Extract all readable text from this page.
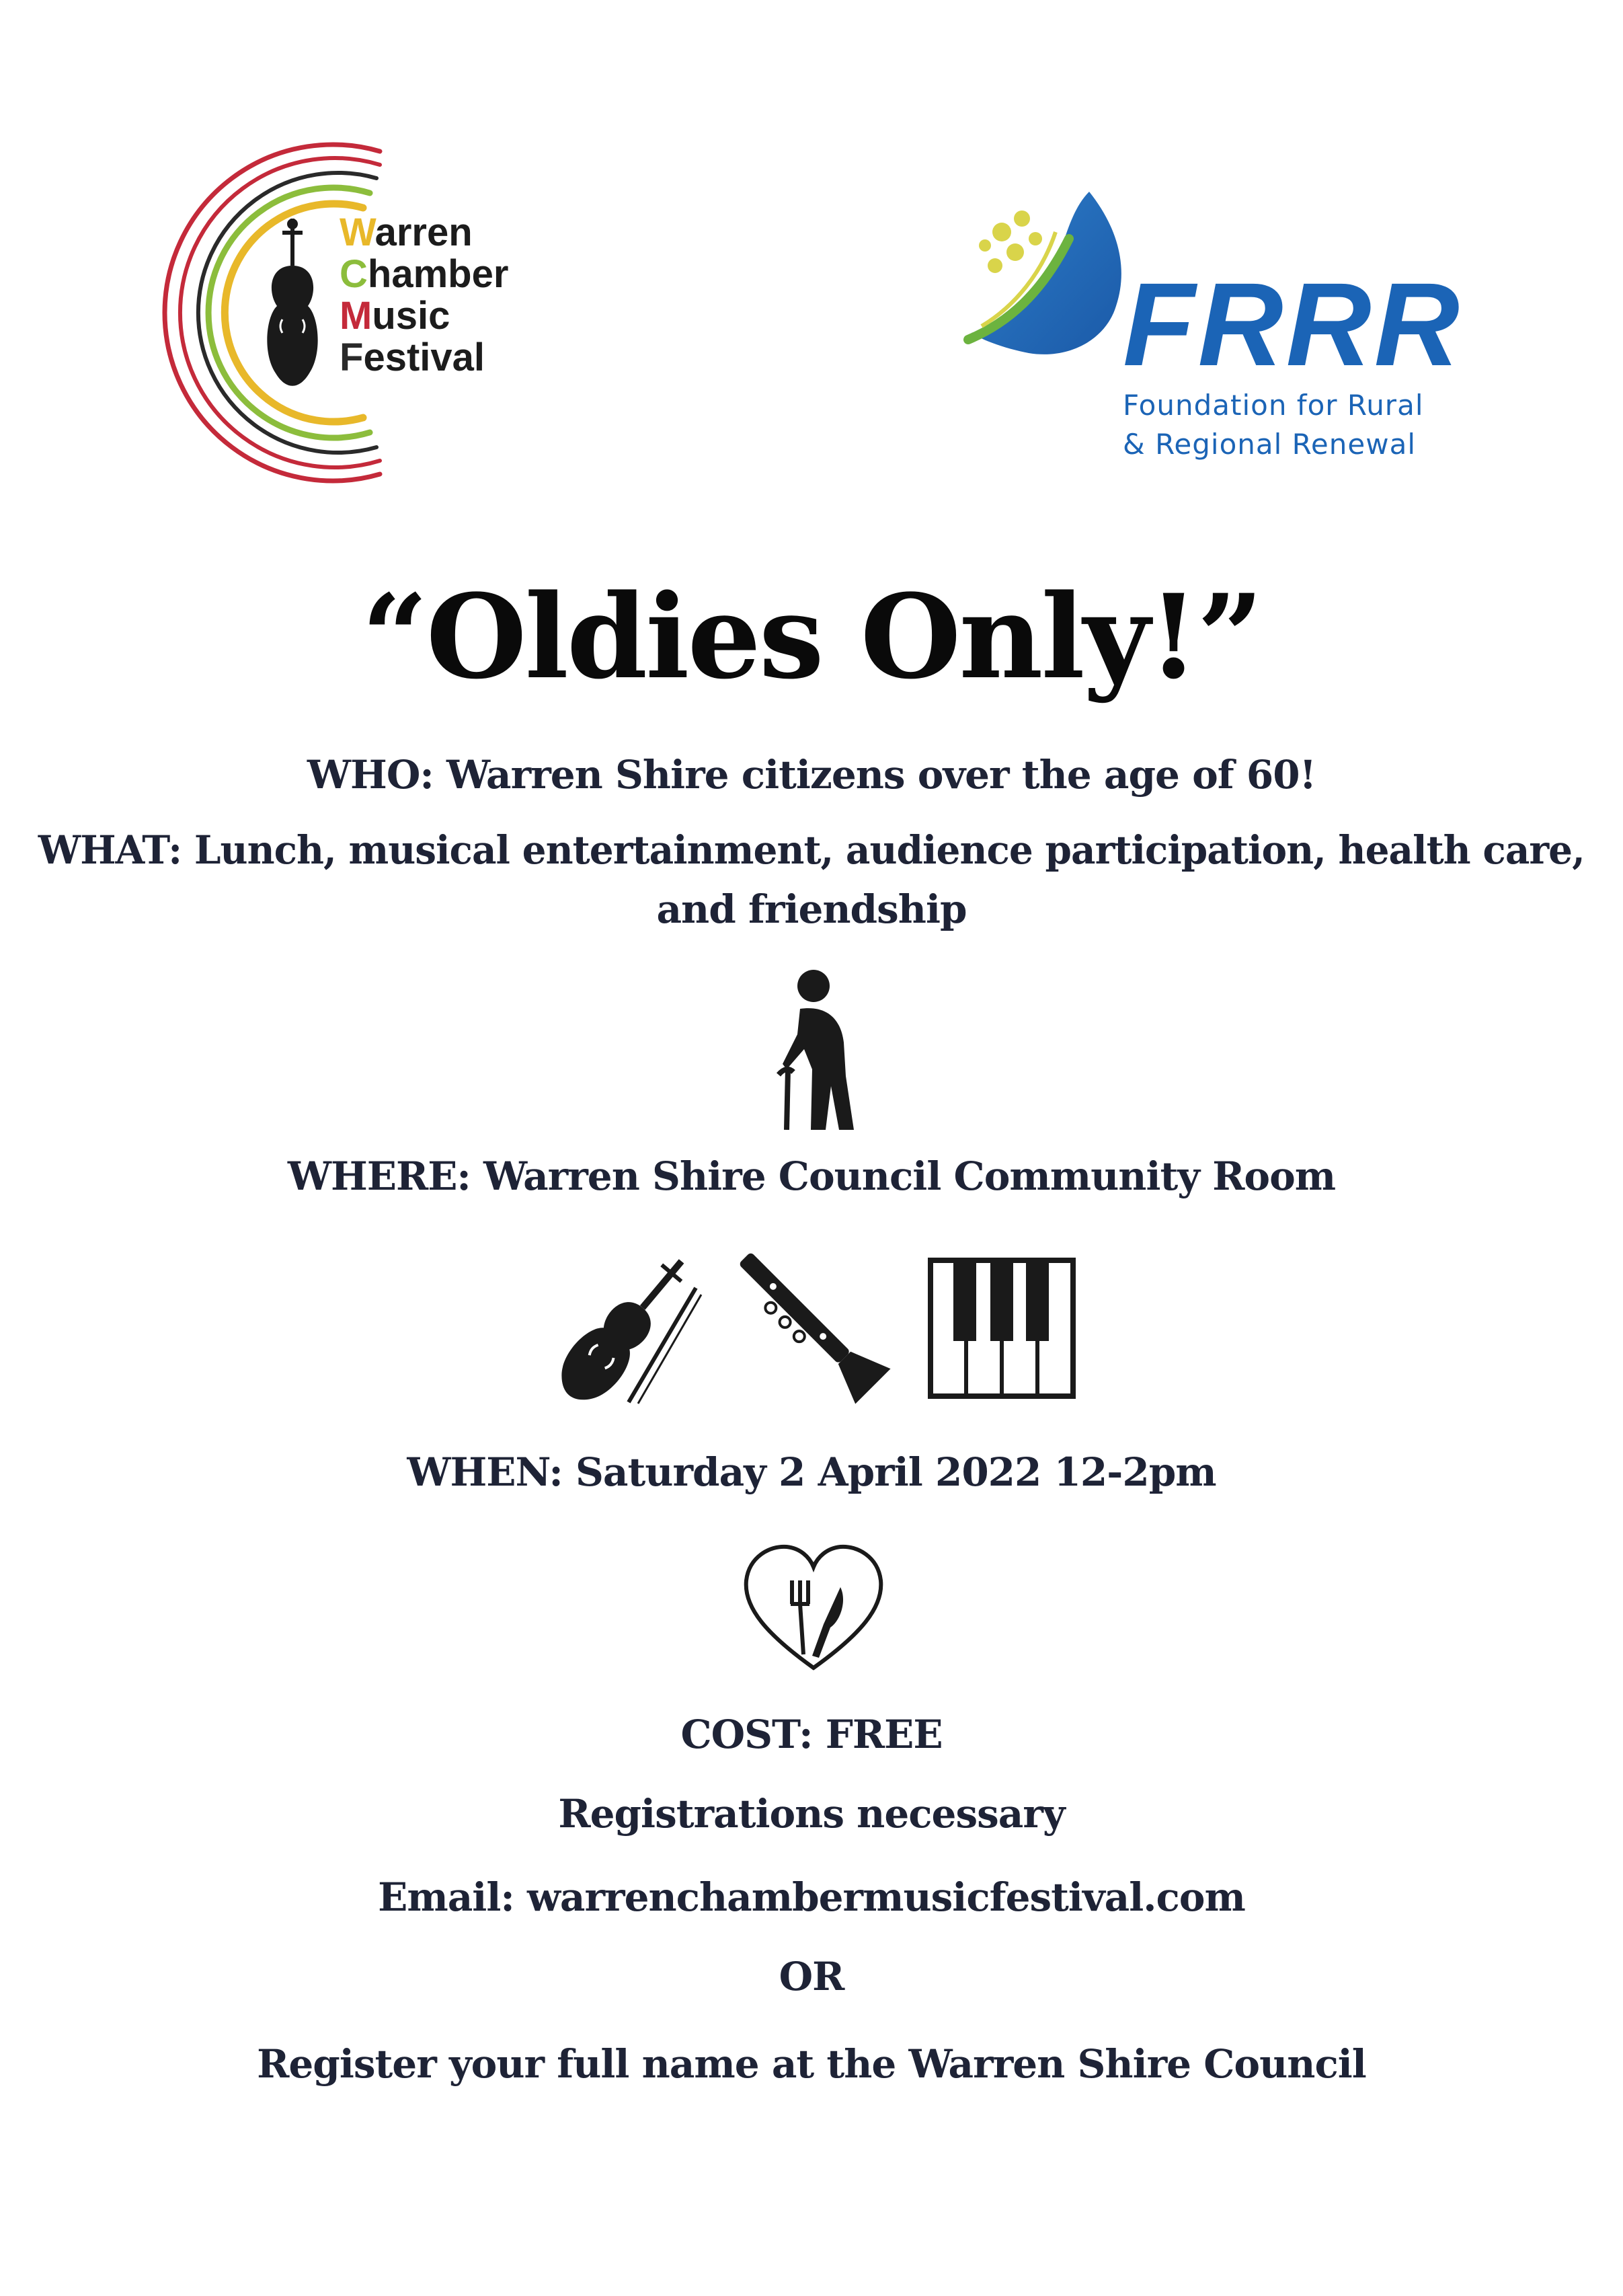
Warren
Chamber
Music
Festival	FRRR
Foundation for Rural
& Regional Renewal
“Oldies Only!”
WHO: Warren Shire citizens over the age of 60!
WHAT: Lunch, musical entertainment, audience participation, health care,
and friendship
WHERE: Warren Shire Council Community Room
WHEN: Saturday 2 April 2022 12-2pm
COST: FREE
Registrations necessary
Email: warrenchambermusicfestival.com
OR
Register your full name at the Warren Shire Council
